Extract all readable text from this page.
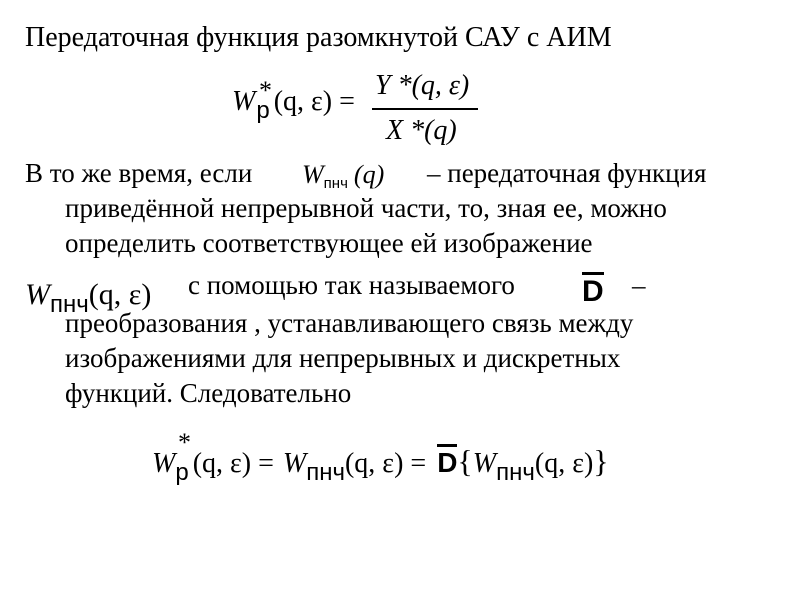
Передаточная функция разомкнутой САУ с АИМ
Wр (q, ε) =
*	Y *(q, ε)
X *(q)
В то же время, если $W_{пнч}$ (q) – передаточная функция
приведённой непрерывной части, то, зная ее, можно
определить соответствующее ей изображение
$W_{пнч}(q$, ε) с помощью так называемого D –
преобразования , устанавливающего связь между
изображениями для непрерывных и дискретных
функций. Следовательно
*
Wр (q, ε) = Wпнч(q, ε) = D{Wпнч(q, ε)}
